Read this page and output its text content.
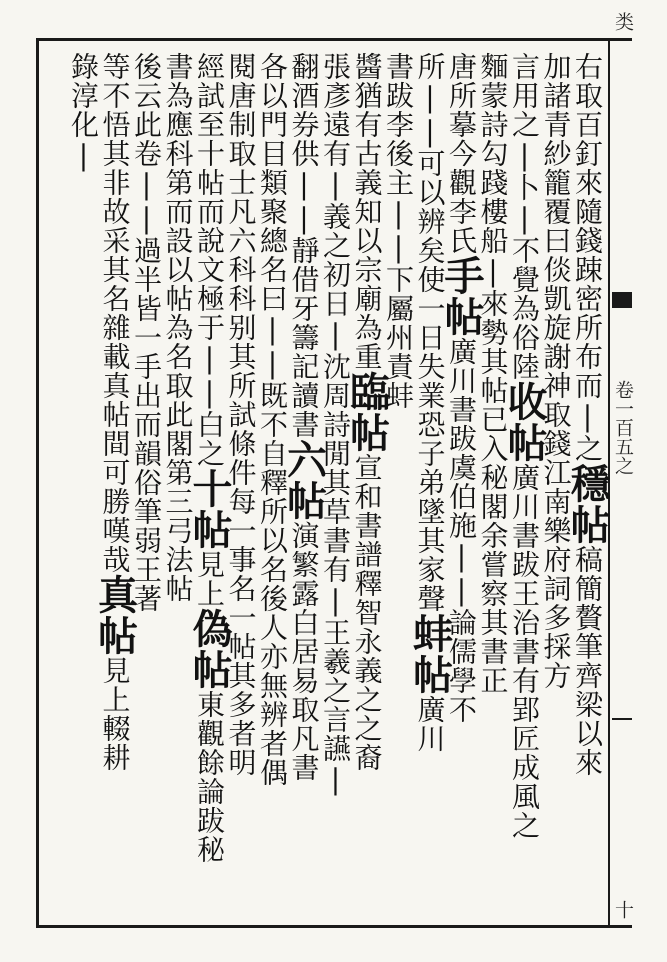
类
卷一百五之
十
右取百釘來隨錢踈密所布而|之穩帖稿簡贅筆齊梁以來
加諸青紗籠覆曰倓凱旋謝神取錢江南樂府詞多採方
言用之|卜|不覺為俗陸收帖廣川書跋王治書有郢匠成風之
麵蒙詩勾踐樓船|來勢其帖已入秘閣余嘗察其書正
唐所摹今觀李氏手帖廣川書跋虞伯施||論儒學不
所||可以辨矣使一日失業恐子弟墜其家聲蚌帖廣川
書跋李後主||下屬州責蚌
醬猶有古義知以宗廟為重臨帖宣和書譜釋智永義之之裔
張彥遠有|義之初日|沈周詩閒其草書有|王羲之言讌|
翻酒券供||靜借牙籌記讀書六帖演繁露白居易取凡書
各以門目類聚總名曰||既不自釋所以名後人亦無辨者偶
閱唐制取士凡六科科别其所試條件每一事名一帖其多者明
經試至十帖而說文極于||白之十帖見上偽帖東觀餘論跋秘
書為應科第而設以帖為名取此閣第三弓法帖
後云此卷||過半皆一手出而韻俗筆弱王著
等不悟其非故采其名雜載真帖間可勝嘆哉真帖見上輟耕
錄淳化|
